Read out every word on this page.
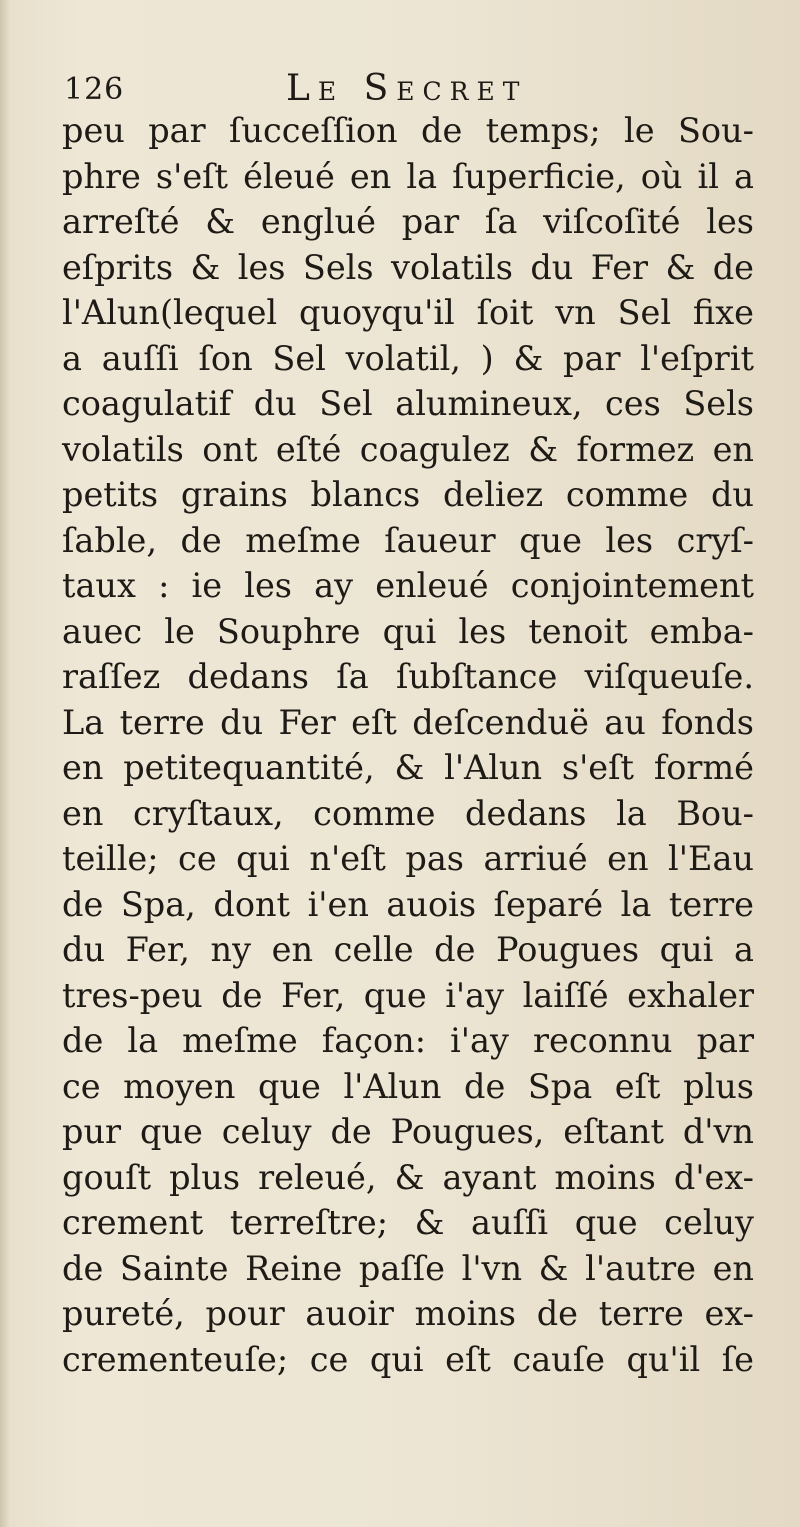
126	Le Secret
peu par ſucceſſion de temps; le Sou-
phre s'eſt éleué en la ſuperficie, où il a
arreſté & englué par ſa viſcoſité les
eſprits & les Sels volatils du Fer & de
l'Alun(lequel quoyqu'il ſoit vn Sel fixe
a auſſi ſon Sel volatil, ) & par l'eſprit
coagulatif du Sel alumineux, ces Sels
volatils ont eſté coagulez & formez en
petits grains blancs deliez comme du
ſable, de meſme ſaueur que les cryſ-
taux : ie les ay enleué conjointement
auec le Souphre qui les tenoit emba-
raſſez dedans ſa ſubſtance viſqueuſe.
La terre du Fer eſt deſcenduë au fonds
en petitequantité, & l'Alun s'eſt formé
en cryſtaux, comme dedans la Bou-
teille; ce qui n'eſt pas arriué en l'Eau
de Spa, dont i'en auois ſeparé la terre
du Fer, ny en celle de Pougues qui a
tres-peu de Fer, que i'ay laiſſé exhaler
de la meſme façon: i'ay reconnu par
ce moyen que l'Alun de Spa eſt plus
pur que celuy de Pougues, eſtant d'vn
gouſt plus releué, & ayant moins d'ex-
crement terreſtre; & auſſi que celuy
de Sainte Reine paſſe l'vn & l'autre en
pureté, pour auoir moins de terre ex-
crementeuſe; ce qui eſt cauſe qu'il ſe
